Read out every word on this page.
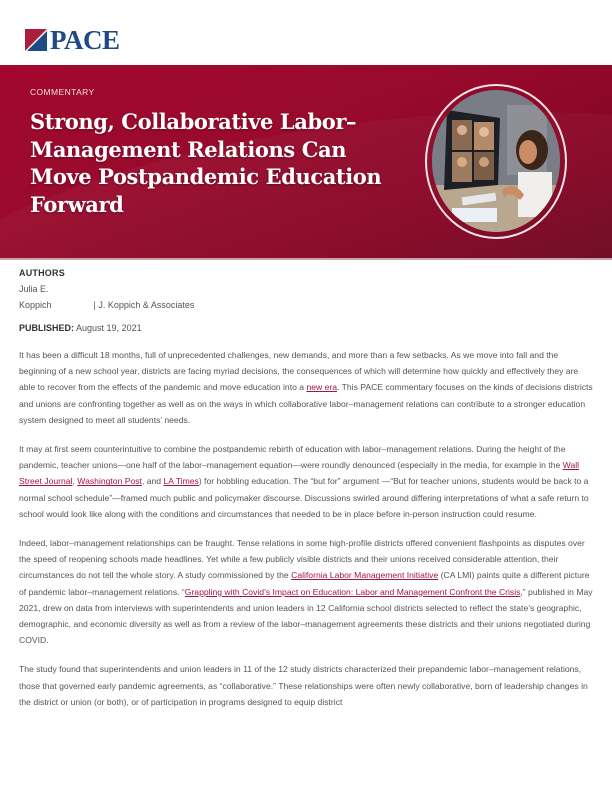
PACE
COMMENTARY
Strong, Collaborative Labor–Management Relations Can Move Postpandemic Education Forward
AUTHORS
Julia E.
Koppich	| J. Koppich & Associates
PUBLISHED: August 19, 2021

It has been a difficult 18 months, full of unprecedented challenges, new demands, and more than a few setbacks. As we move into fall and the beginning of a new school year, districts are facing myriad decisions, the consequences of which will determine how quickly and effectively they are able to recover from the effects of the pandemic and move education into a new era. This PACE commentary focuses on the kinds of decisions districts and unions are confronting together as well as on the ways in which collaborative labor–management relations can contribute to a stronger education system designed to meet all students’ needs.

It may at first seem counterintuitive to combine the postpandemic rebirth of education with labor–management relations. During the height of the pandemic, teacher unions—one half of the labor–management equation—were roundly denounced (especially in the media, for example in the Wall Street Journal, Washington Post, and LA Times) for hobbling education. The “but for” argument —“But for teacher unions, students would be back to a normal school schedule”—framed much public and policymaker discourse. Discussions swirled around differing interpretations of what a safe return to school would look like along with the conditions and circumstances that needed to be in place before in-person instruction could resume.

Indeed, labor–management relationships can be fraught. Tense relations in some high-profile districts offered convenient flashpoints as disputes over the speed of reopening schools made headlines. Yet while a few publicly visible districts and their unions received considerable attention, their circumstances do not tell the whole story. A study commissioned by the California Labor Management Initiative (CA LMI) paints quite a different picture of pandemic labor–management relations. “Grappling with Covid’s Impact on Education: Labor and Management Confront the Crisis,” published in May 2021, drew on data from interviews with superintendents and union leaders in 12 California school districts selected to reflect the state’s geographic, demographic, and economic diversity as well as from a review of the labor–management agreements these districts and their unions negotiated during COVID.

The study found that superintendents and union leaders in 11 of the 12 study districts characterized their prepandemic labor–management relations, those that governed early pandemic agreements, as “collaborative.” These relationships were often newly collaborative, born of leadership changes in the district or union (or both), or of participation in programs designed to equip district
